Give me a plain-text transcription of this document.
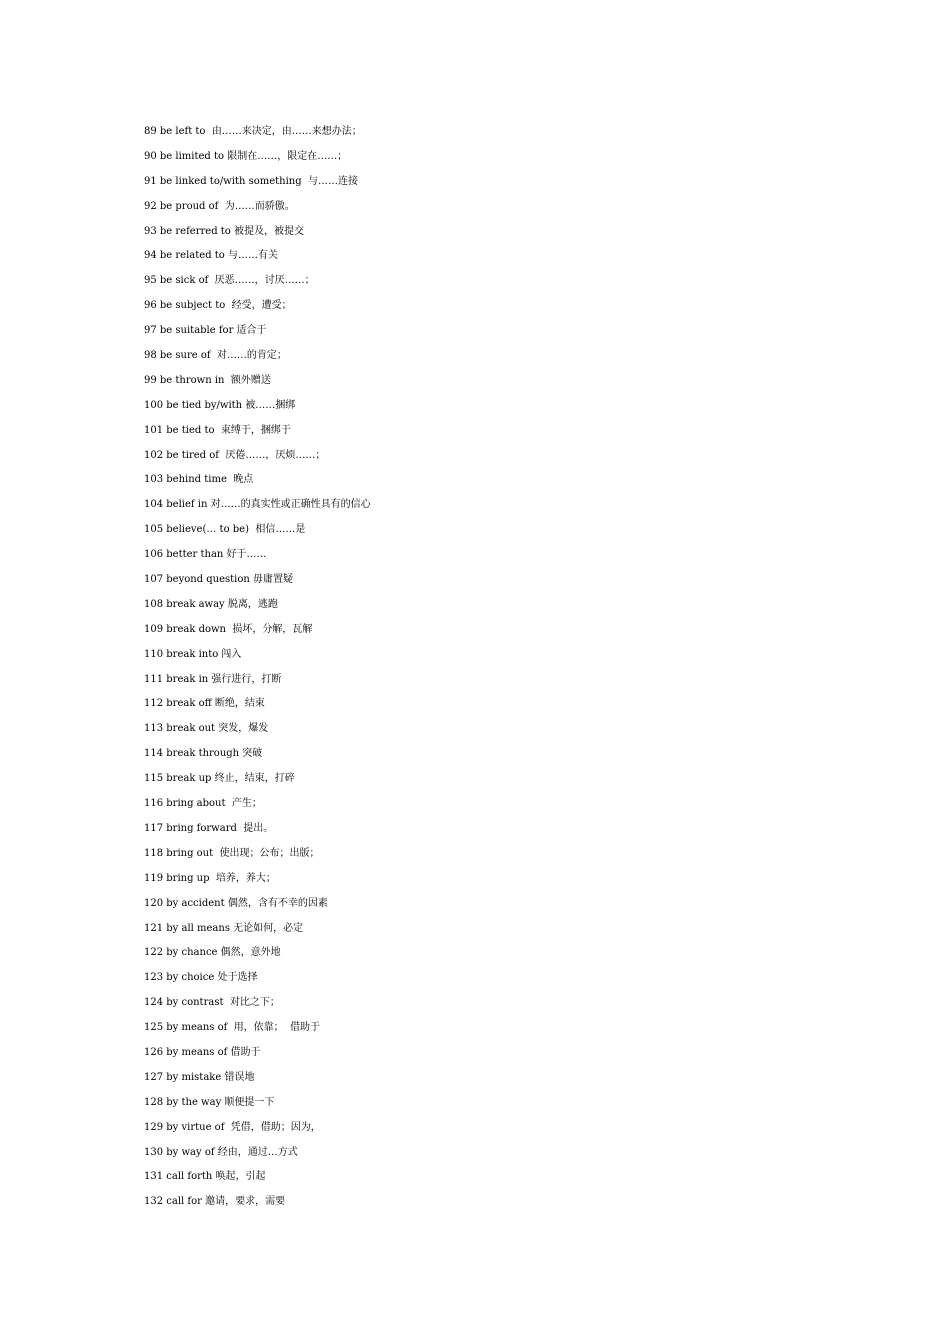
89 be left to  由……来决定，由……来想办法；
90 be limited to 限制在……，限定在……；
91 be linked to/with something  与……连接
92 be proud of  为……而骄傲。
93 be referred to 被提及，被提交
94 be related to 与……有关
95 be sick of  厌恶……，讨厌……；
96 be subject to  经受，遭受；
97 be suitable for 适合于
98 be sure of  对……的肯定；
99 be thrown in  额外赠送
100 be tied by/with 被……捆绑
101 be tied to  束缚于，捆绑于
102 be tired of  厌倦……，厌烦……；
103 behind time  晚点
104 belief in 对……的真实性或正确性具有的信心
105 believe(… to be)  相信……是
106 better than 好于……
107 beyond question 毋庸置疑
108 break away 脱离，逃跑
109 break down  损坏，分解，瓦解
110 break into 闯入
111 break in 强行进行，打断
112 break off 断绝，结束
113 break out 突发，爆发
114 break through 突破
115 break up 终止，结束，打碎
116 bring about  产生；
117 bring forward  提出。
118 bring out  使出现；公布；出版；
119 bring up  培养，养大；
120 by accident 偶然，含有不幸的因素
121 by all means 无论如何，必定
122 by chance 偶然，意外地
123 by choice 处于选择
124 by contrast  对比之下；
125 by means of  用，依靠；  借助于
126 by means of 借助于
127 by mistake 错误地
128 by the way 顺便提一下
129 by virtue of  凭借，借助；因为，
130 by way of 经由，通过…方式
131 call forth 唤起，引起
132 call for 邀请，要求，需要
